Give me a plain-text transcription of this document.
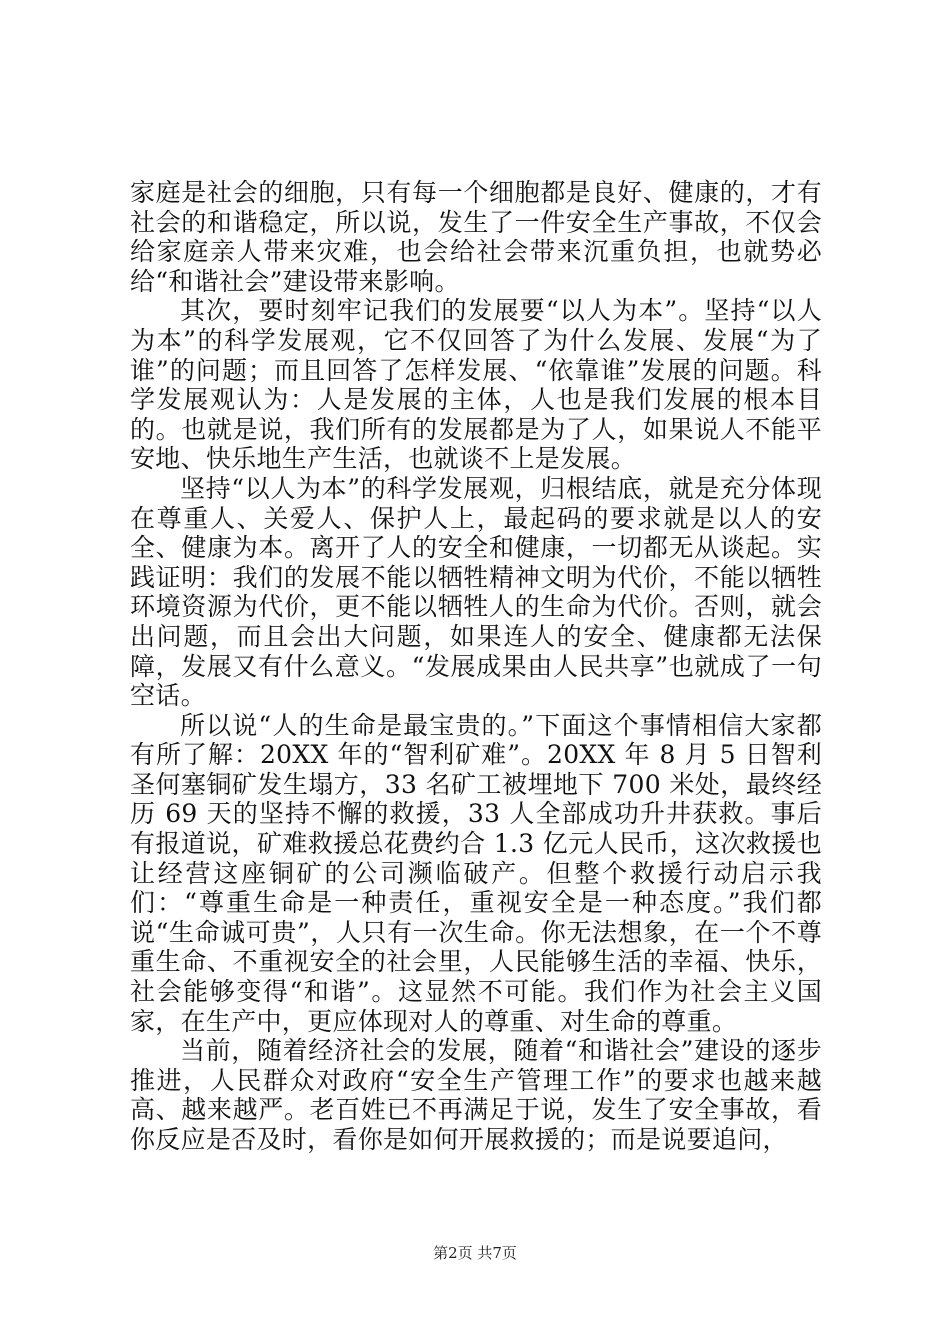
家庭是社会的细胞，只有每一个细胞都是良好、健康的，才有社会的和谐稳定，所以说，发生了一件安全生产事故，不仅会给家庭亲人带来灾难，也会给社会带来沉重负担，也就势必给“和谐社会”建设带来影响。

其次，要时刻牢记我们的发展要“以人为本”。坚持“以人为本”的科学发展观，它不仅回答了为什么发展、发展“为了谁”的问题；而且回答了怎样发展、“依靠谁”发展的问题。科学发展观认为：人是发展的主体，人也是我们发展的根本目的。也就是说，我们所有的发展都是为了人，如果说人不能平安地、快乐地生产生活，也就谈不上是发展。

坚持“以人为本”的科学发展观，归根结底，就是充分体现在尊重人、关爱人、保护人上，最起码的要求就是以人的安全、健康为本。离开了人的安全和健康，一切都无从谈起。实践证明：我们的发展不能以牺牲精神文明为代价，不能以牺牲环境资源为代价，更不能以牺牲人的生命为代价。否则，就会出问题，而且会出大问题，如果连人的安全、健康都无法保障，发展又有什么意义。“发展成果由人民共享”也就成了一句空话。

所以说“人的生命是最宝贵的。”下面这个事情相信大家都有所了解：20XX 年的“智利矿难”。20XX 年 8 月 5 日智利圣何塞铜矿发生塌方，33 名矿工被埋地下 700 米处，最终经历 69 天的坚持不懈的救援，33 人全部成功升井获救。事后有报道说，矿难救援总花费约合 1.3 亿元人民币，这次救援也让经营这座铜矿的公司濒临破产。但整个救援行动启示我们：“尊重生命是一种责任，重视安全是一种态度。”我们都说“生命诚可贵”，人只有一次生命。你无法想象，在一个不尊重生命、不重视安全的社会里，人民能够生活的幸福、快乐，社会能够变得“和谐”。这显然不可能。我们作为社会主义国家，在生产中，更应体现对人的尊重、对生命的尊重。

当前，随着经济社会的发展，随着“和谐社会”建设的逐步推进，人民群众对政府“安全生产管理工作”的要求也越来越高、越来越严。老百姓已不再满足于说，发生了安全事故，看你反应是否及时，看你是如何开展救援的；而是说要追问，

第2页 共7页
